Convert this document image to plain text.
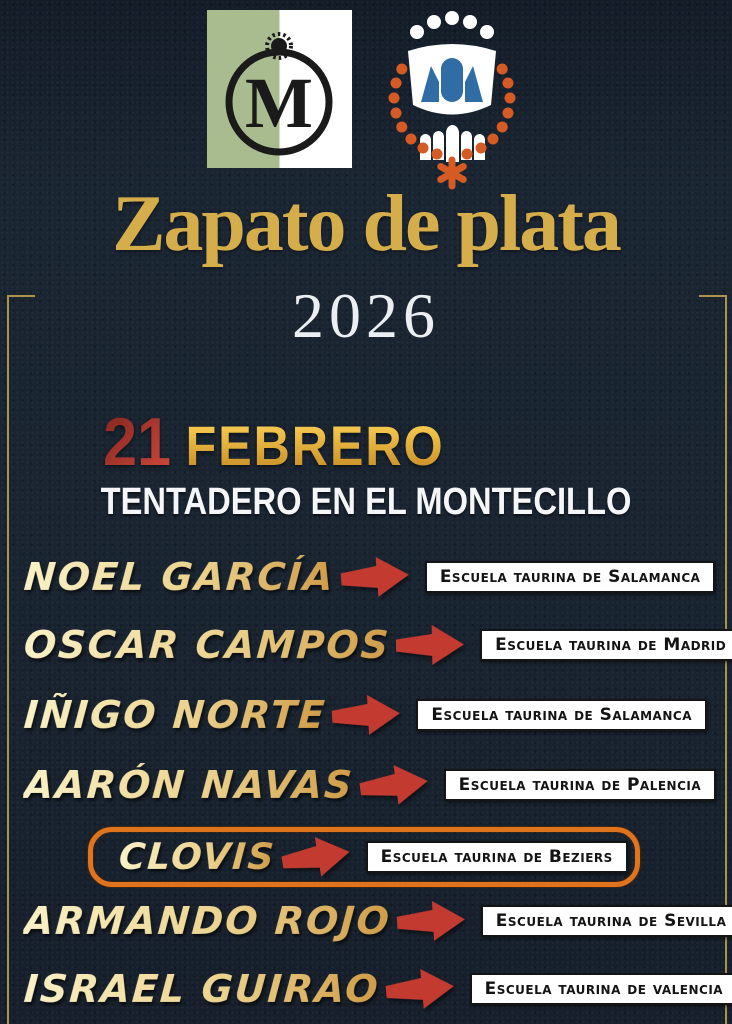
M
Zapato de plata
2026
21 FEBRERO
TENTADERO EN EL MONTECILLO
NOEL GARCÍA	Escuela taurina de Salamanca
OSCAR CAMPOS	Escuela taurina de Madrid
IÑIGO NORTE	Escuela taurina de Salamanca
AARÓN NAVAS	Escuela taurina de Palencia
CLOVIS	Escuela taurina de Beziers
ARMANDO ROJO	Escuela taurina de Sevilla
ISRAEL GUIRAO	Escuela taurina de valencia
